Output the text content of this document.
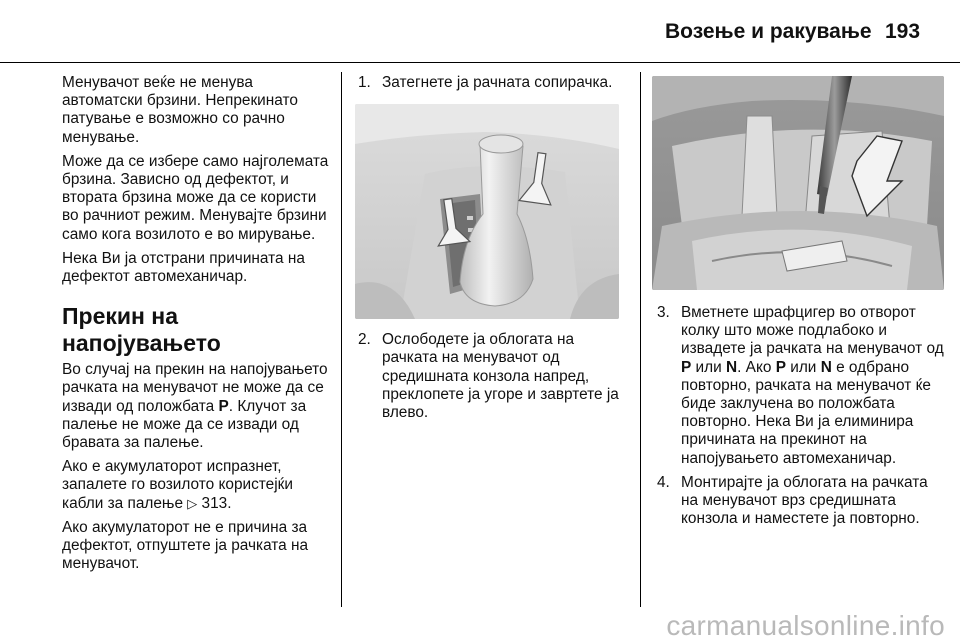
Возење и ракување 193

Менувачот веќе не менува автоматски брзини. Непрекинато патување е возможно со рачно менување.

Може да се избере само најголемата брзина. Зависно од дефектот, и втората брзина може да се користи во рачниот режим. Менувајте брзини само кога возилото е во мирување.

Нека Ви ја отстрани причината на дефектот автомеханичар.

Прекин на напојувањето

Во случај на прекин на напојувањето рачката на менувачот не може да се извади од положбата P. Клучот за палење не може да се извади од бравата за палење.

Ако е акумулаторот испразнет, запалете го возилото користејќи кабли за палење ▷ 313.

Ако акумулаторот не е причина за дефектот, отпуштете ја рачката на менувачот.

1. Затегнете ја рачната сопирачка.
2. Ослободете ја облогата на рачката на менувачот од средишната конзола напред, преклопете ја угоре и завртете ја влево.
3. Вметнете шрафцигер во отворот колку што може подлабоко и извадете ја рачката на менувачот од P или N. Ако P или N е одбрано повторно, рачката на менувачот ќе биде заклучена во положбата повторно. Нека Ви ја елиминира причината на прекинот на напојувањето автомеханичар.
4. Монтирајте ја облогата на рачката на менувачот врз средишната конзола и наместете ја повторно.
carmanualsonline.info
